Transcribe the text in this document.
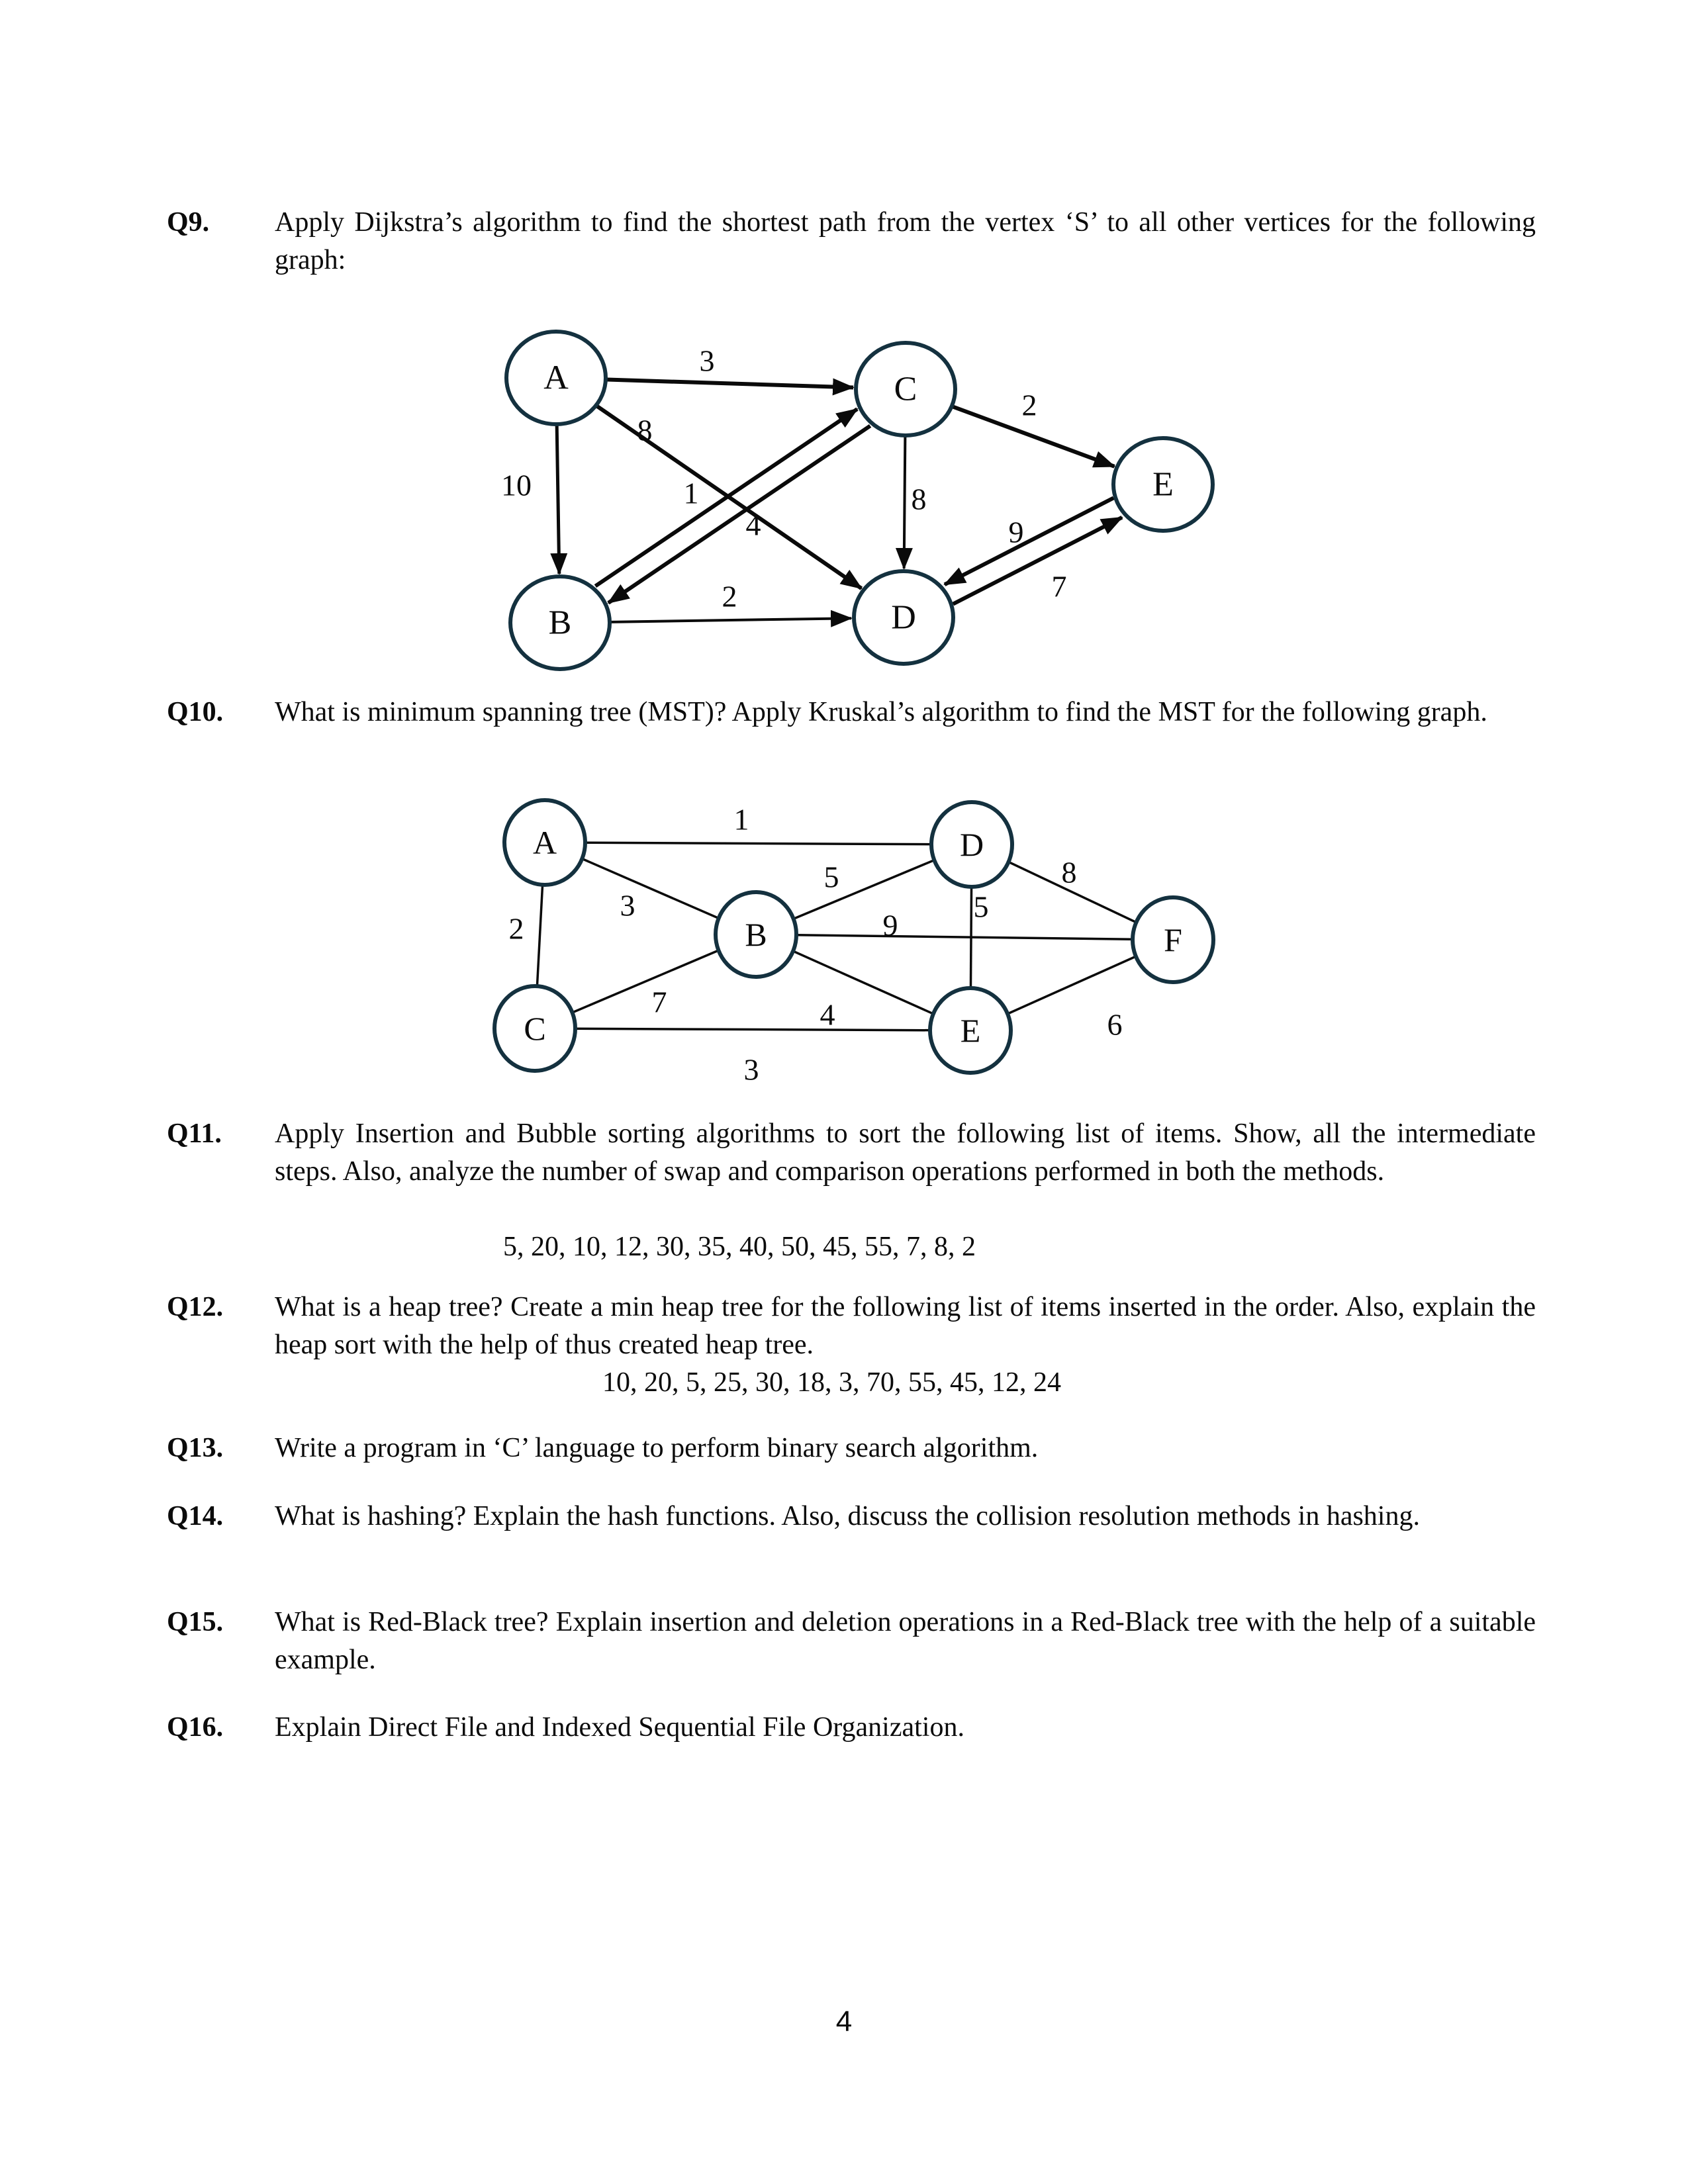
Q9. Apply Dijkstra’s algorithm to find the shortest path from the vertex ‘S’ to all other vertices for the following graph:
A	C
E
B	D
3
10
8
1
4
2
8
9
7
2
Q10. What is minimum spanning tree (MST)? Apply Kruskal’s algorithm to find the MST for the following graph.
A	D
B	F
C	E
1
3
2
5	8
5
9
7	4	6
3
Q11. Apply Insertion and Bubble sorting algorithms to sort the following list of items. Show, all the intermediate steps. Also, analyze the number of swap and comparison operations performed in both the methods.
5, 20, 10, 12, 30, 35, 40, 50, 45, 55, 7, 8, 2
Q12. What is a heap tree? Create a min heap tree for the following list of items inserted in the order. Also, explain the heap sort with the help of thus created heap tree.
10, 20, 5, 25, 30, 18, 3, 70, 55, 45, 12, 24
Q13. Write a program in ‘C’ language to perform binary search algorithm.
Q14. What is hashing? Explain the hash functions. Also, discuss the collision resolution methods in hashing.
Q15. What is Red-Black tree? Explain insertion and deletion operations in a Red-Black tree with the help of a suitable example.
Q16. Explain Direct File and Indexed Sequential File Organization.
4
